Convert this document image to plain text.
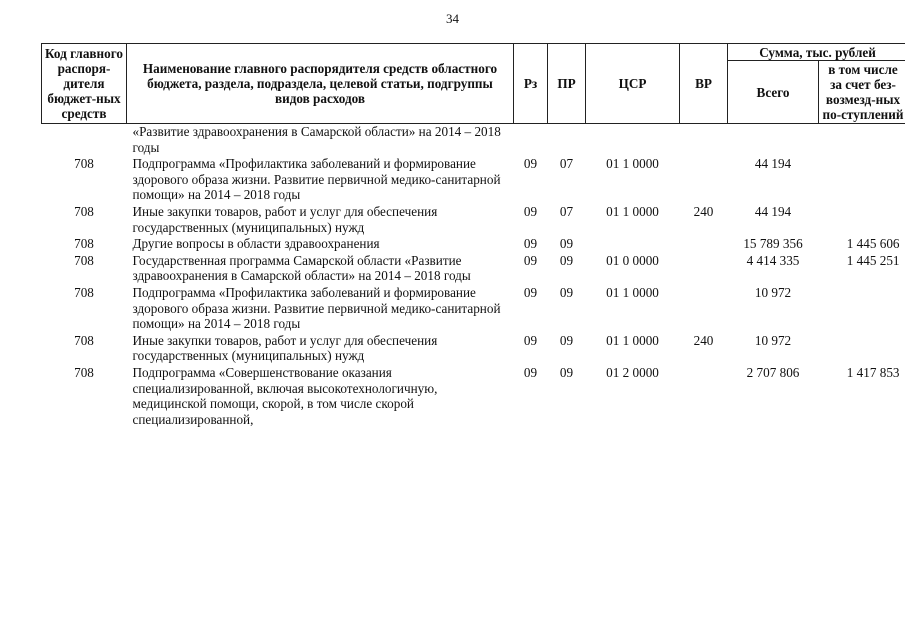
34
Код главного распоря-дителя бюджет-ных средств	Наименование главного распорядителя средств областного бюджета, раздела, подраздела, целевой статьи, подгруппы видов расходов	Рз	ПР	ЦСР	ВР	Сумма, тыс. рублей	
						Всего	в том числе за счет без-возмезд-ных по-ступлений
	«Развитие здравоохранения в Самарской области» на 2014 – 2018 годы						
708	Подпрограмма «Профилактика заболеваний и формирование здорового образа жизни. Развитие первичной медико-санитарной помощи» на 2014 – 2018 годы	09	07	01 1 0000		44 194	
708	Иные закупки товаров, работ и услуг для обеспечения государственных (муниципальных) нужд	09	07	01 1 0000	240	44 194	
708	Другие вопросы в области здравоохранения	09	09			15 789 356	1 445 606
708	Государственная программа Самарской области «Развитие здравоохранения в Самарской области» на 2014 – 2018 годы	09	09	01 0 0000		4 414 335	1 445 251
708	Подпрограмма «Профилактика заболеваний и формирование здорового образа жизни. Развитие первичной медико-санитарной помощи» на 2014 – 2018 годы	09	09	01 1 0000		10 972	
708	Иные закупки товаров, работ и услуг для обеспечения государственных (муниципальных) нужд	09	09	01 1 0000	240	10 972	
708	Подпрограмма «Совершенствование оказания специализированной, включая высокотехнологичную, медицинской помощи, скорой, в том числе скорой специализированной,	09	09	01 2 0000		2 707 806	1 417 853
